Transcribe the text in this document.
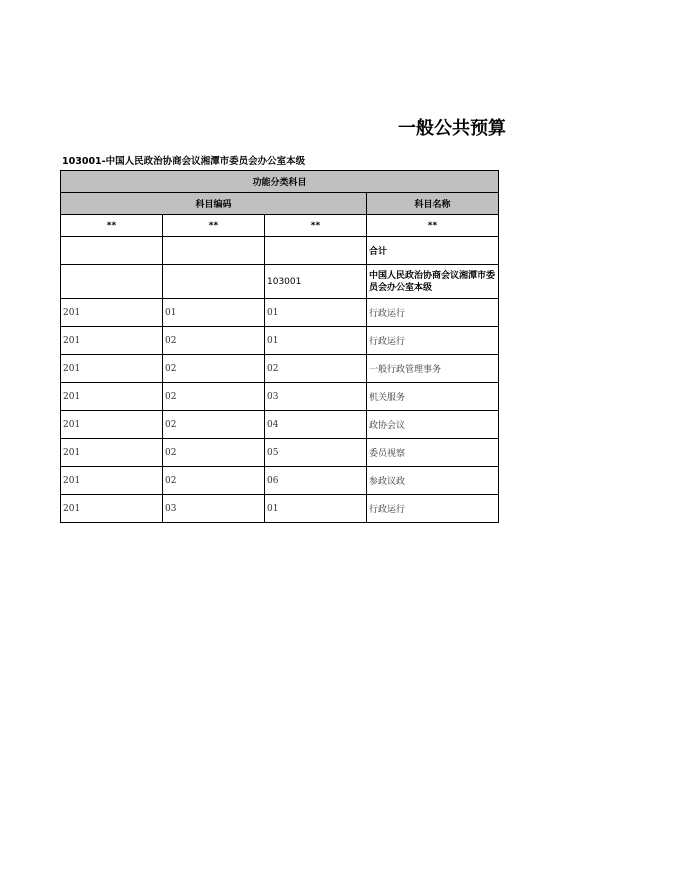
一般公共预算
103001-中国人民政治协商会议湘潭市委员会办公室本级
功能分类科目			
科目编码			科目名称
**	**	**	**
			合计
		103001	中国人民政治协商会议湘潭市委员会办公室本级
201	01	01	行政运行
201	02	01	行政运行
201	02	02	一般行政管理事务
201	02	03	机关服务
201	02	04	政协会议
201	02	05	委员视察
201	02	06	参政议政
201	03	01	行政运行
